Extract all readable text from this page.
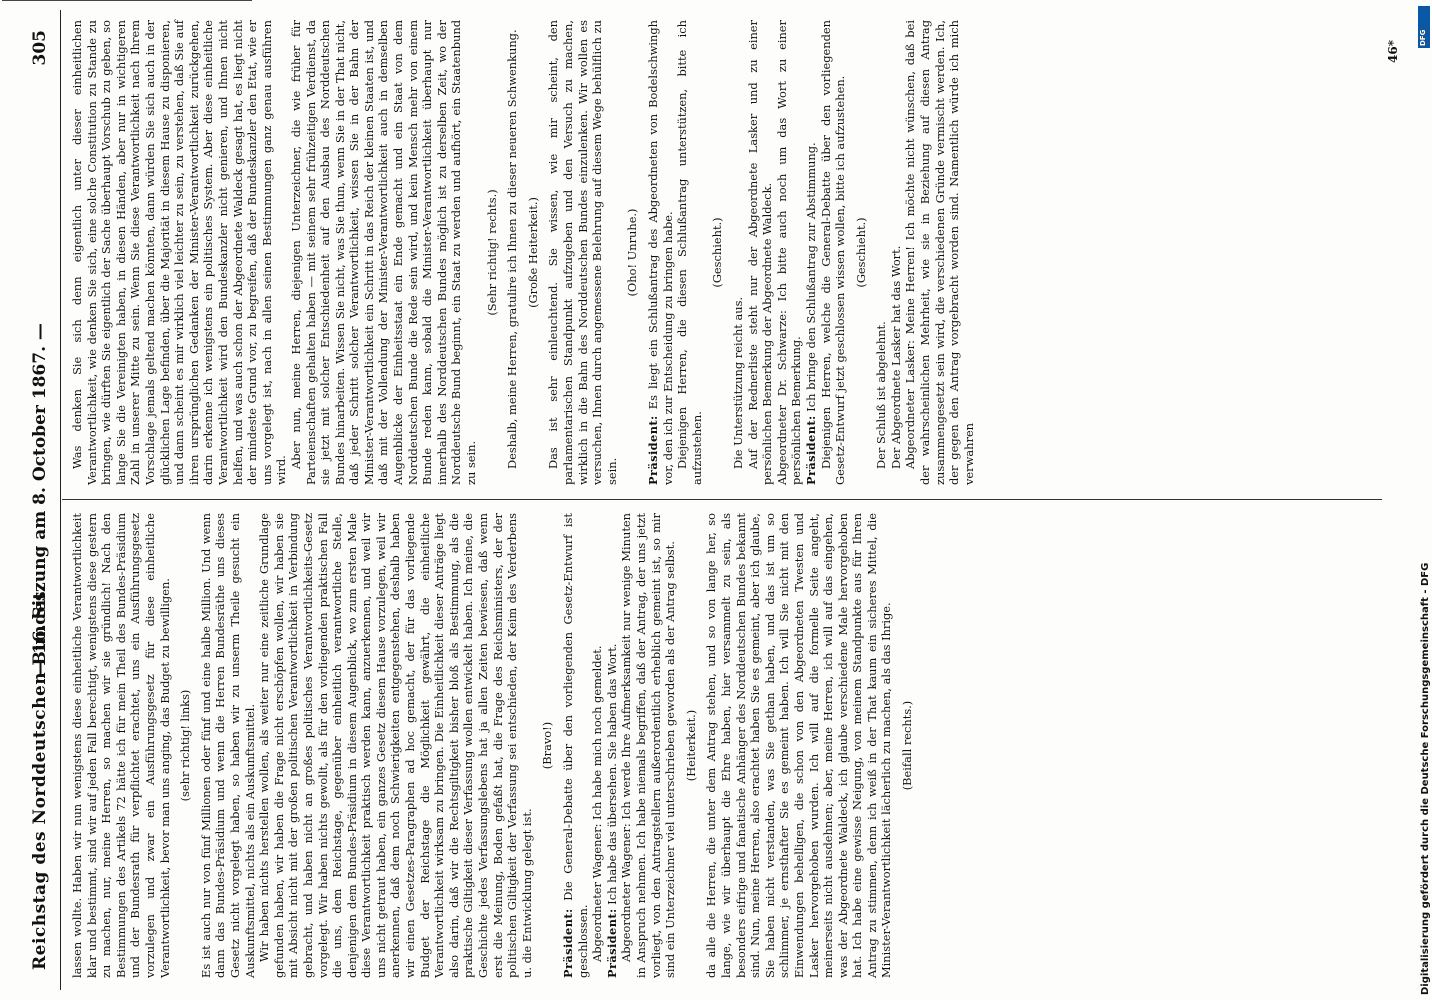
Reichstag des Norddeutschen Bundes.
— 16. Sitzung am 8. October 1867. —
305
lassen wollte. Haben wir nun wenigstens diese einheitliche Verantwortlichkeit klar und bestimmt, sind wir auf jeden Fall berechtigt, wenigstens diese gestern zu machen, nur, meine Herren, so machen wir sie gründlich! Nach den Bestimmungen des Artikels 72 hätte ich für mein Theil des Bundes-Präsidium und der Bundesrath für verpflichtet erachtet, uns ein Ausführungsgesetz vorzulegen und zwar ein Ausführungsgesetz für diese einheitliche Verantwortlichkeit, bevor man uns anging, das Budget zu bewilligen. (sehr richtig! links) Es ist auch nur von fünf Millionen oder fünf und eine halbe Million. Und wenn dann das Bundes-Präsidium und wenn die Herren Bundesräthe uns dieses Gesetz nicht vorgelegt haben, so haben wir zu unserm Theile gesucht ein Auskunftsmittel, nichts als ein Auskunftsmittel. Wir haben nichts herstellen wollen, als weiter nur eine zeitliche Grundlage gefunden haben, wir haben die Frage nicht erschöpfen wollen, wir haben sie mit Absicht nicht mit der großen politischen Verantwortlichkeit in Verbindung gebracht, und haben nicht an großes politisches Verantwortlichkeits-Gesetz vorgelegt. Wir haben nichts gewollt, als für den vorliegenden praktischen Fall die uns, dem Reichstage, gegenüber einheitlich verantwortliche Stelle, denjenigen dem Bundes-Präsidium in diesem Augenblick, wo zum ersten Male diese Verantwortlichkeit praktisch werden kann, anzuerkennen, und weil wir uns nicht getraut haben, ein ganzes Gesetz diesem Hause vorzulegen, weil wir anerkennen, daß dem noch Schwierigkeiten entgegenstehen, deshalb haben wir einen Gesetzes-Paragraphen ad hoc gemacht, der für das vorliegende Budget der Reichstage die Möglichkeit gewährt, die einheitliche Verantwortlichkeit wirksam zu bringen. Die Einheitlichkeit dieser Anträge liegt also darin, daß wir die Rechtsgiltigkeit bisher bloß als Bestimmung, als die praktische Giltigkeit dieser Verfassung wollen entwickelt haben. Ich meine, die Geschichte jedes Verfassungslebens hat ja allen Zeiten bewiesen, daß wenn erst die Meinung, Boden gefaßt hat, die Frage des Reichsministers, der der politischen Giltigkeit der Verfassung sei entschieden, der Keim des Verderbens u. die Entwicklung gelegt ist.
(Bravo!)
Präsident: Die General-Debatte über den vorliegenden Gesetz-Entwurf ist geschlossen. Abgeordneter Wagener: Ich habe mich noch gemeldet. Präsident: Ich habe das übersehen. Sie haben das Wort. Abgeordneter Wagener: Ich werde Ihre Aufmerksamkeit nur wenige Minuten in Anspruch nehmen. Ich habe niemals begriffen, daß der Antrag, der uns jetzt vorliegt, von den Antragstellern außerordentlich erheblich gemeint ist, so mir sind ein Unterzeichner viel unterschrieben geworden als der Antrag selbst. (Heiterkeit.) da alle die Herren, die unter dem Antrag stehen, und so von lange her, so lange, wie wir überhaupt die Ehre haben, hier versammelt zu sein, als besonders eifrige und fanatische Anhänger des Norddeutschen Bundes bekannt sind. Nun, meine Herren, also erachtet haben Sie es gemeint, aber ich glaube, Sie haben nicht verstanden, was Sie gethan haben, und das ist um so schlimmer, je ernsthafter Sie es gemeint haben. Ich will Sie nicht mit den Einwendungen behelligen, die schon von den Abgeordneten Twesten und Lasker hervorgehoben wurden. Ich will auf die formelle Seite angeht, meinerseits nicht ausdehnen; aber, meine Herren, ich will auf das eingehen, was der Abgeordnete Waldeck, ich glaube verschiedene Male hervorgehoben hat. Ich habe eine gewisse Neigung, von meinem Standpunkte aus für Ihren Antrag zu stimmen, denn ich weiß in der That kaum ein sicheres Mittel, die Minister-Verantwortlichkeit lächerlich zu machen, als das Ihrige. (Beifall rechts.)
Was denken Sie sich denn eigentlich unter dieser einheitlichen Verantwortlichkeit, wie denken Sie sich, eine solche Constitution zu Stande zu bringen, wie dürften Sie eigentlich der Sache überhaupt Vorschub zu geben, so lange Sie die Vereinigten haben, in diesen Händen, aber nur in wichtigeren Zahl in unserer Mitte zu sein. Wenn Sie diese Verantwortlichkeit nach Ihrem Vorschlage jemals geltend machen könnten, dann würden Sie sich auch in der glücklichen Lage befinden, über die Majorität in diesem Hause zu disponieren, und dann scheint es mir wirklich viel leichter zu sein, zu verstehen, daß Sie auf ihren ursprünglichen Gedanken der Minister-Verantwortlichkeit zurückgehen, darin erkenne ich wenigstens ein politisches System. Aber diese einheitliche Verantwortlichkeit wird den Bundeskanzler nicht genieren, und Ihnen nicht helfen, und was auch schon der Abgeordnete Waldeck gesagt hat, es liegt nicht der mindeste Grund vor, zu begreifen, daß der Bundeskanzler den Etat, wie er uns vorgelegt ist, nach in allen seinen Bestimmungen ganz genau ausführen wird.
Aber nun, meine Herren, diejenigen Unterzeichner, die wie früher für Parteienschaften gehalten haben — mit seinem sehr frühzeitigen Verdienst, da sie jetzt mit solcher Entschiedenheit auf den Ausbau des Norddeutschen Bundes hinarbeiten. Wissen Sie nicht, was Sie thun, wenn Sie in der That nicht, daß jeder Schritt solcher Verantwortlichkeit, wissen Sie in der Bahn der Minister-Verantwortlichkeit ein Schritt in das Reich der kleinen Staaten ist, und daß mit der Vollendung der Minister-Verantwortlichkeit auch in demselben Augenblicke der Einheitsstaat ein Ende gemacht und ein Staat von dem Norddeutschen Bunde die Rede sein wird, und kein Mensch mehr von einem Bunde reden kann, sobald die Minister-Verantwortlichkeit überhaupt nur innerhalb des Norddeutschen Bundes möglich ist zu derselben Zeit, wo der Norddeutsche Bund beginnt, ein Staat zu werden und aufhört, ein Staatenbund zu sein.
(Sehr richtig! rechts.) Deshalb, meine Herren, gratulire ich Ihnen zu dieser neueren Schwenkung. (Große Heiterkeit.) Das ist sehr einleuchtend. Sie wissen, wie mir scheint, den parlamentarischen Standpunkt aufzugeben und den Versuch zu machen, wirklich in die Bahn des Norddeutschen Bundes einzulenken. Wir wollen es versuchen, Ihnen durch angemessene Belehrung auf diesem Wege behülflich zu sein.
(Oho! Unruhe.)
Präsident: Es liegt ein Schlußantrag des Abgeordneten von Bodelschwingh vor, den ich zur Entscheidung zu bringen habe. Diejenigen Herren, die diesen Schlußantrag unterstützen, bitte ich aufzustehen.
(Geschieht.)
Die Unterstützung reicht aus. Auf der Rednerliste steht nur der Abgeordnete Lasker und zu einer persönlichen Bemerkung der Abgeordnete Waldeck. Abgeordneter Dr. Schwarze: Ich bitte auch noch um das Wort zu einer persönlichen Bemerkung. Präsident: Ich bringe den Schlußantrag zur Abstimmung. Diejenigen Herren, welche die General-Debatte über den vorliegenden Gesetz-Entwurf jetzt geschlossen wissen wollen, bitte ich aufzustehen. (Geschieht.)
Der Schluß ist abgelehnt. Der Abgeordnete Lasker hat das Wort. Abgeordneter Lasker: Meine Herren! Ich möchte nicht wünschen, daß bei der wahrscheinlichen Mehrheit, wie sie in Beziehung auf diesen Antrag zusammengesetzt sein wird, die verschiedenen Gründe vermischt werden. Ich, der gegen den Antrag vorgebracht worden sind. Namentlich würde ich mich verwahren
46*
DFG
Digitalisierung gefördert durch die Deutsche Forschungsgemeinschaft - DFG
